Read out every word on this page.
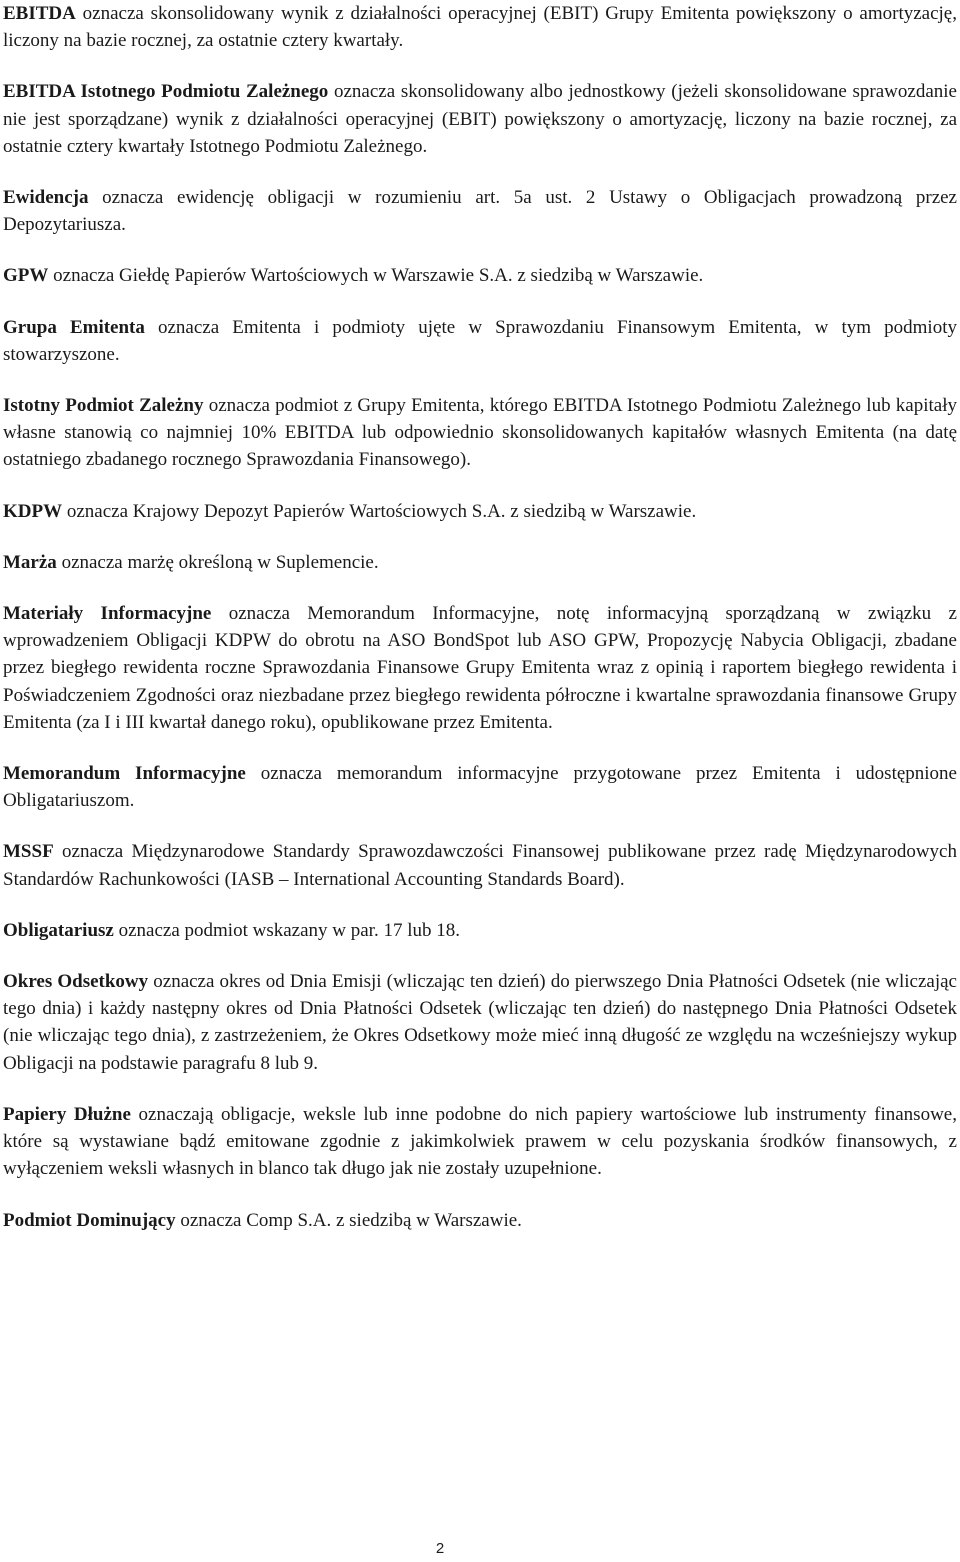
EBITDA oznacza skonsolidowany wynik z działalności operacyjnej (EBIT) Grupy Emitenta powiększony o amortyzację, liczony na bazie rocznej, za ostatnie cztery kwartały.

EBITDA Istotnego Podmiotu Zależnego oznacza skonsolidowany albo jednostkowy (jeżeli skonsolidowane sprawozdanie nie jest sporządzane) wynik z działalności operacyjnej (EBIT) powiększony o amortyzację, liczony na bazie rocznej, za ostatnie cztery kwartały Istotnego Podmiotu Zależnego.

Ewidencja oznacza ewidencję obligacji w rozumieniu art. 5a ust. 2 Ustawy o Obligacjach prowadzoną przez Depozytariusza.

GPW oznacza Giełdę Papierów Wartościowych w Warszawie S.A. z siedzibą w Warszawie.

Grupa Emitenta oznacza Emitenta i podmioty ujęte w Sprawozdaniu Finansowym Emitenta, w tym podmioty stowarzyszone.

Istotny Podmiot Zależny oznacza podmiot z Grupy Emitenta, którego EBITDA Istotnego Podmiotu Zależnego lub kapitały własne stanowią co najmniej 10% EBITDA lub odpowiednio skonsolidowanych kapitałów własnych Emitenta (na datę ostatniego zbadanego rocznego Sprawozdania Finansowego).

KDPW oznacza Krajowy Depozyt Papierów Wartościowych S.A. z siedzibą w Warszawie.

Marża oznacza marżę określoną w Suplemencie.

Materiały Informacyjne oznacza Memorandum Informacyjne, notę informacyjną sporządzaną w związku z wprowadzeniem Obligacji KDPW do obrotu na ASO BondSpot lub ASO GPW, Propozycję Nabycia Obligacji, zbadane przez biegłego rewidenta roczne Sprawozdania Finansowe Grupy Emitenta wraz z opinią i raportem biegłego rewidenta i Poświadczeniem Zgodności oraz niezbadane przez biegłego rewidenta półroczne i kwartalne sprawozdania finansowe Grupy Emitenta (za I i III kwartał danego roku), opublikowane przez Emitenta.

Memorandum Informacyjne oznacza memorandum informacyjne przygotowane przez Emitenta i udostępnione Obligatariuszom.

MSSF oznacza Międzynarodowe Standardy Sprawozdawczości Finansowej publikowane przez radę Międzynarodowych Standardów Rachunkowości (IASB – International Accounting Standards Board).

Obligatariusz oznacza podmiot wskazany w par. 17 lub 18.

Okres Odsetkowy oznacza okres od Dnia Emisji (wliczając ten dzień) do pierwszego Dnia Płatności Odsetek (nie wliczając tego dnia) i każdy następny okres od Dnia Płatności Odsetek (wliczając ten dzień) do następnego Dnia Płatności Odsetek (nie wliczając tego dnia), z zastrzeżeniem, że Okres Odsetkowy może mieć inną długość ze względu na wcześniejszy wykup Obligacji na podstawie paragrafu 8 lub 9.

Papiery Dłużne oznaczają obligacje, weksle lub inne podobne do nich papiery wartościowe lub instrumenty finansowe, które są wystawiane bądź emitowane zgodnie z jakimkolwiek prawem w celu pozyskania środków finansowych, z wyłączeniem weksli własnych in blanco tak długo jak nie zostały uzupełnione.

Podmiot Dominujący oznacza Comp S.A. z siedzibą w Warszawie.

2
